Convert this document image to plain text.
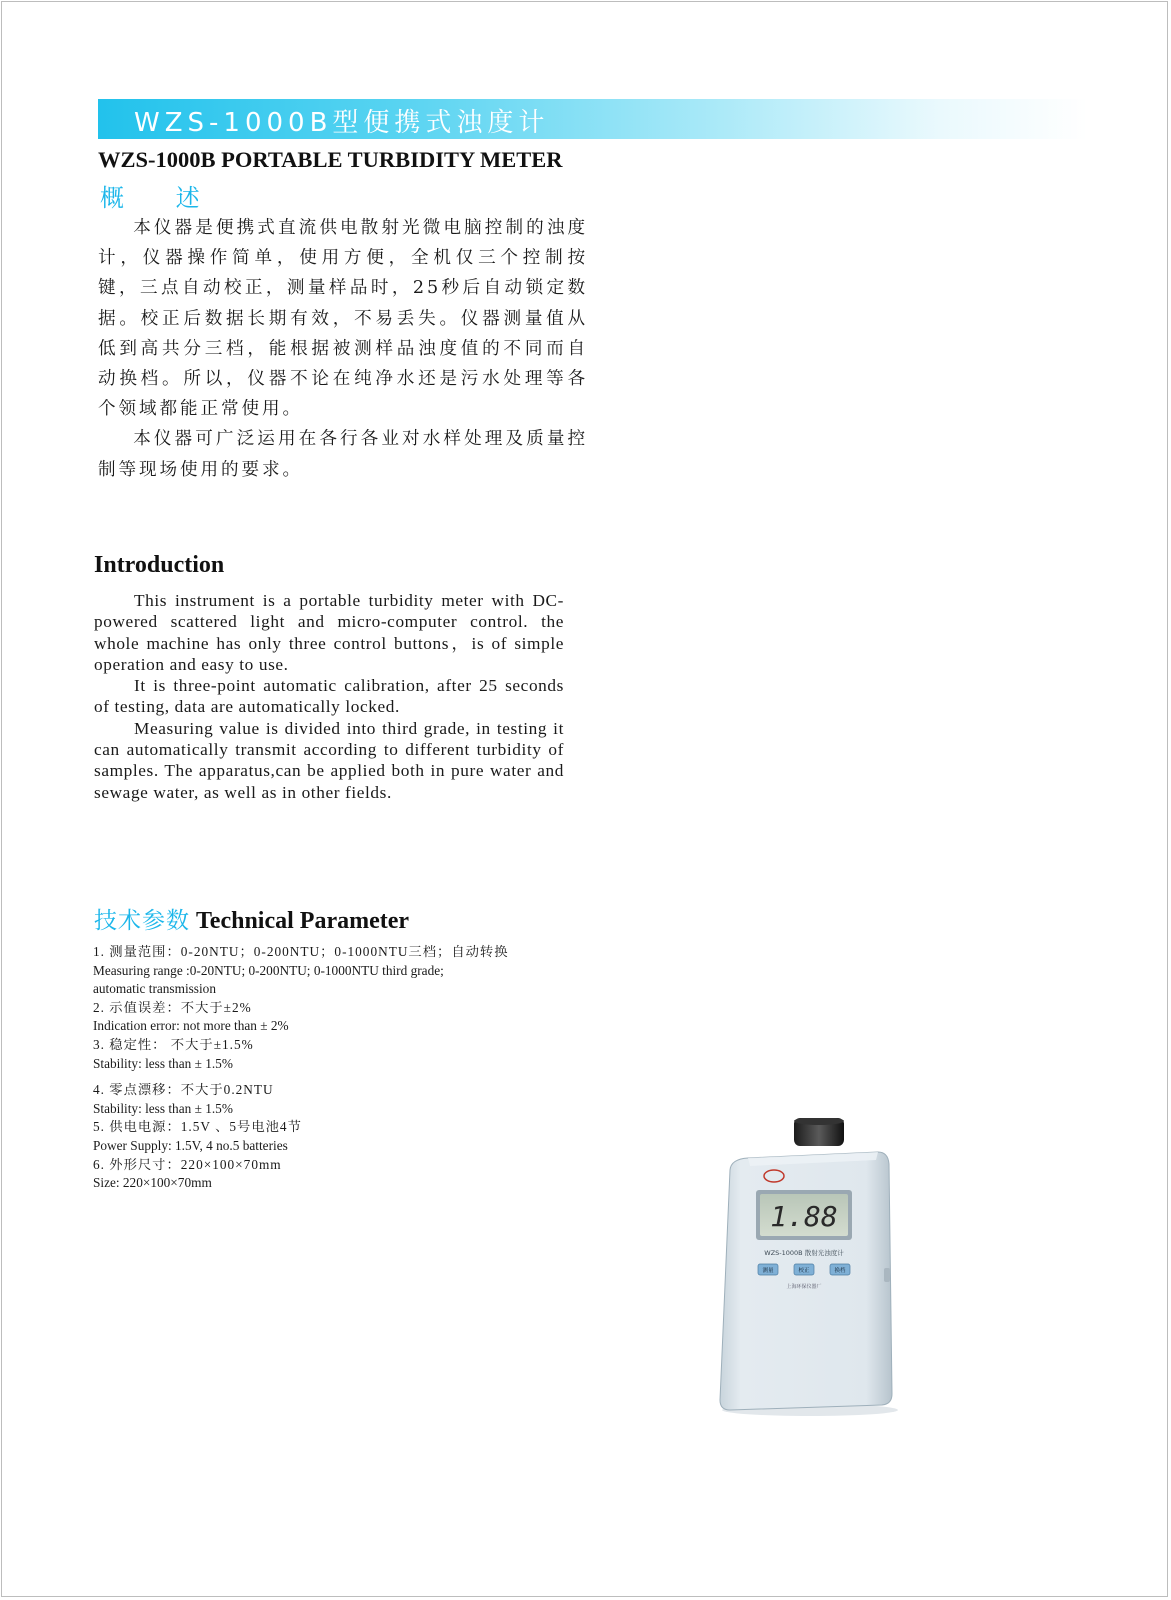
WZS-1000B型便携式浊度计
WZS-1000B PORTABLE TURBIDITY METER
概 述

本仪器是便携式直流供电散射光微电脑控制的浊度计，仪器操作简单，使用方便，全机仅三个控制按键，三点自动校正，测量样品时，25秒后自动锁定数据。校正后数据长期有效，不易丢失。仪器测量值从低到高共分三档，能根据被测样品浊度值的不同而自动换档。所以，仪器不论在纯净水还是污水处理等各个领域都能正常使用。

本仪器可广泛运用在各行各业对水样处理及质量控制等现场使用的要求。

Introduction

This instrument is a portable turbidity meter with DC-powered scattered light and micro-computer control. the whole machine has only three control buttons，is of simple operation and easy to use.

It is three-point automatic calibration, after 25 seconds of testing, data are automatically locked.

Measuring value is divided into third grade, in testing it can automatically transmit according to different turbidity of samples. The apparatus,can be applied both in pure water and sewage water, as well as in other fields.

技术参数 Technical Parameter
1. 测量范围：0-20NTU；0-200NTU；0-1000NTU三档；自动转换
Measuring range :0-20NTU; 0-200NTU; 0-1000NTU third grade;
automatic transmission
2. 示值误差：不大于±2%
Indication error: not more than ± 2%
3. 稳定性： 不大于±1.5%
Stability: less than ± 1.5%
4. 零点漂移：不大于0.2NTU
Stability: less than ± 1.5%
5. 供电电源：1.5V 、5号电池4节
Power Supply: 1.5V, 4 no.5 batteries
6. 外形尺寸：220×100×70mm
Size: 220×100×70mm
1.88
WZS-1000B 散射光浊度计
测量	校正	换档
上海环保仪器厂
